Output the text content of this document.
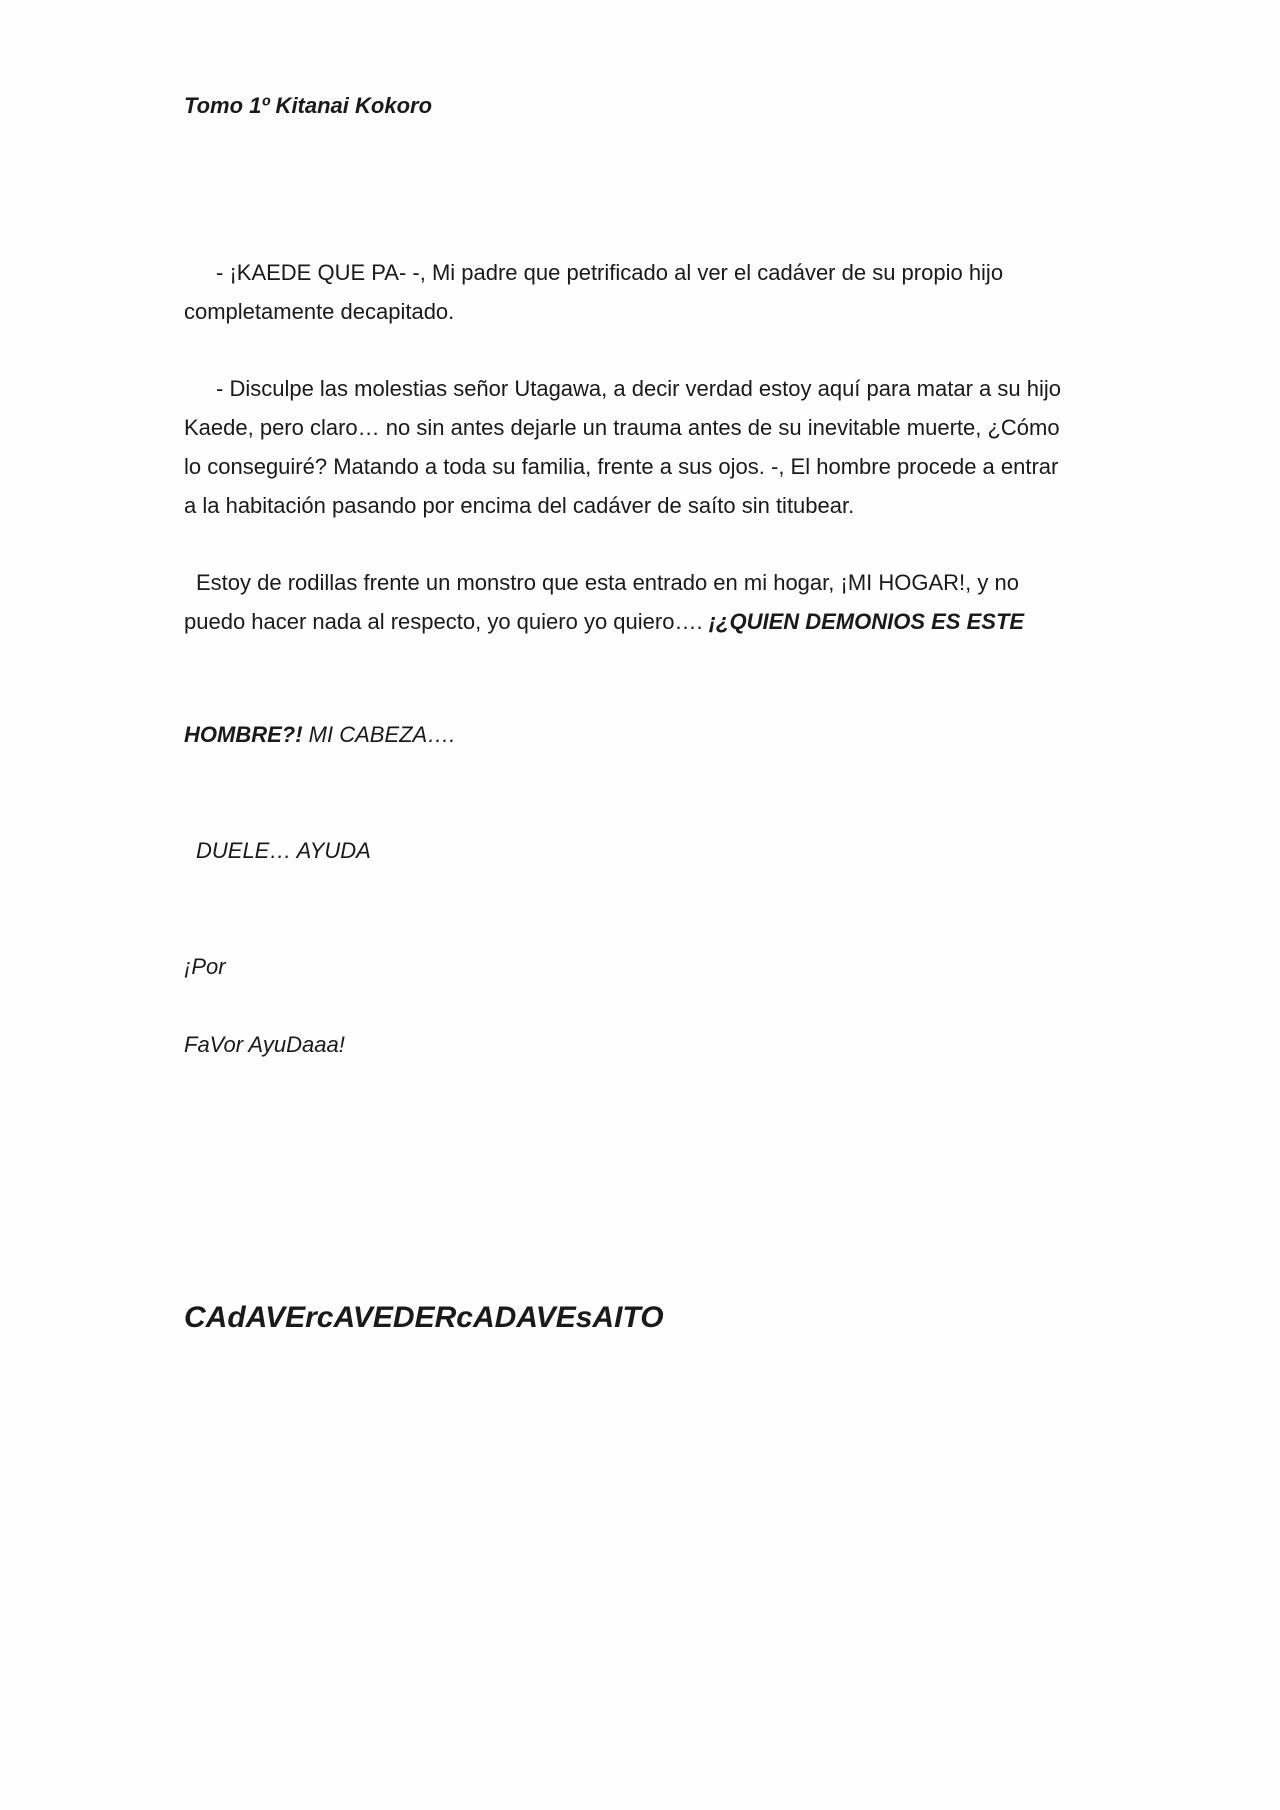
Tomo 1º Kitanai Kokoro
- ¡KAEDE QUE PA- -, Mi padre que petrificado al ver el cadáver de su propio hijo
completamente decapitado.
- Disculpe las molestias señor Utagawa, a decir verdad estoy aquí para matar a su hijo
Kaede, pero claro… no sin antes dejarle un trauma antes de su inevitable muerte, ¿Cómo
lo conseguiré? Matando a toda su familia, frente a sus ojos. -, El hombre procede a entrar
a la habitación pasando por encima del cadáver de saíto sin titubear.
Estoy de rodillas frente un monstro que esta entrado en mi hogar, ¡MI HOGAR!, y no
puedo hacer nada al respecto, yo quiero yo quiero…. ¡¿QUIEN DEMONIOS ES ESTE
HOMBRE?! MI CABEZA….
DUELE… AYUDA
¡Por
FaVor AyuDaaa!
CAdAVErcAVEDERcADAVEsAITO
